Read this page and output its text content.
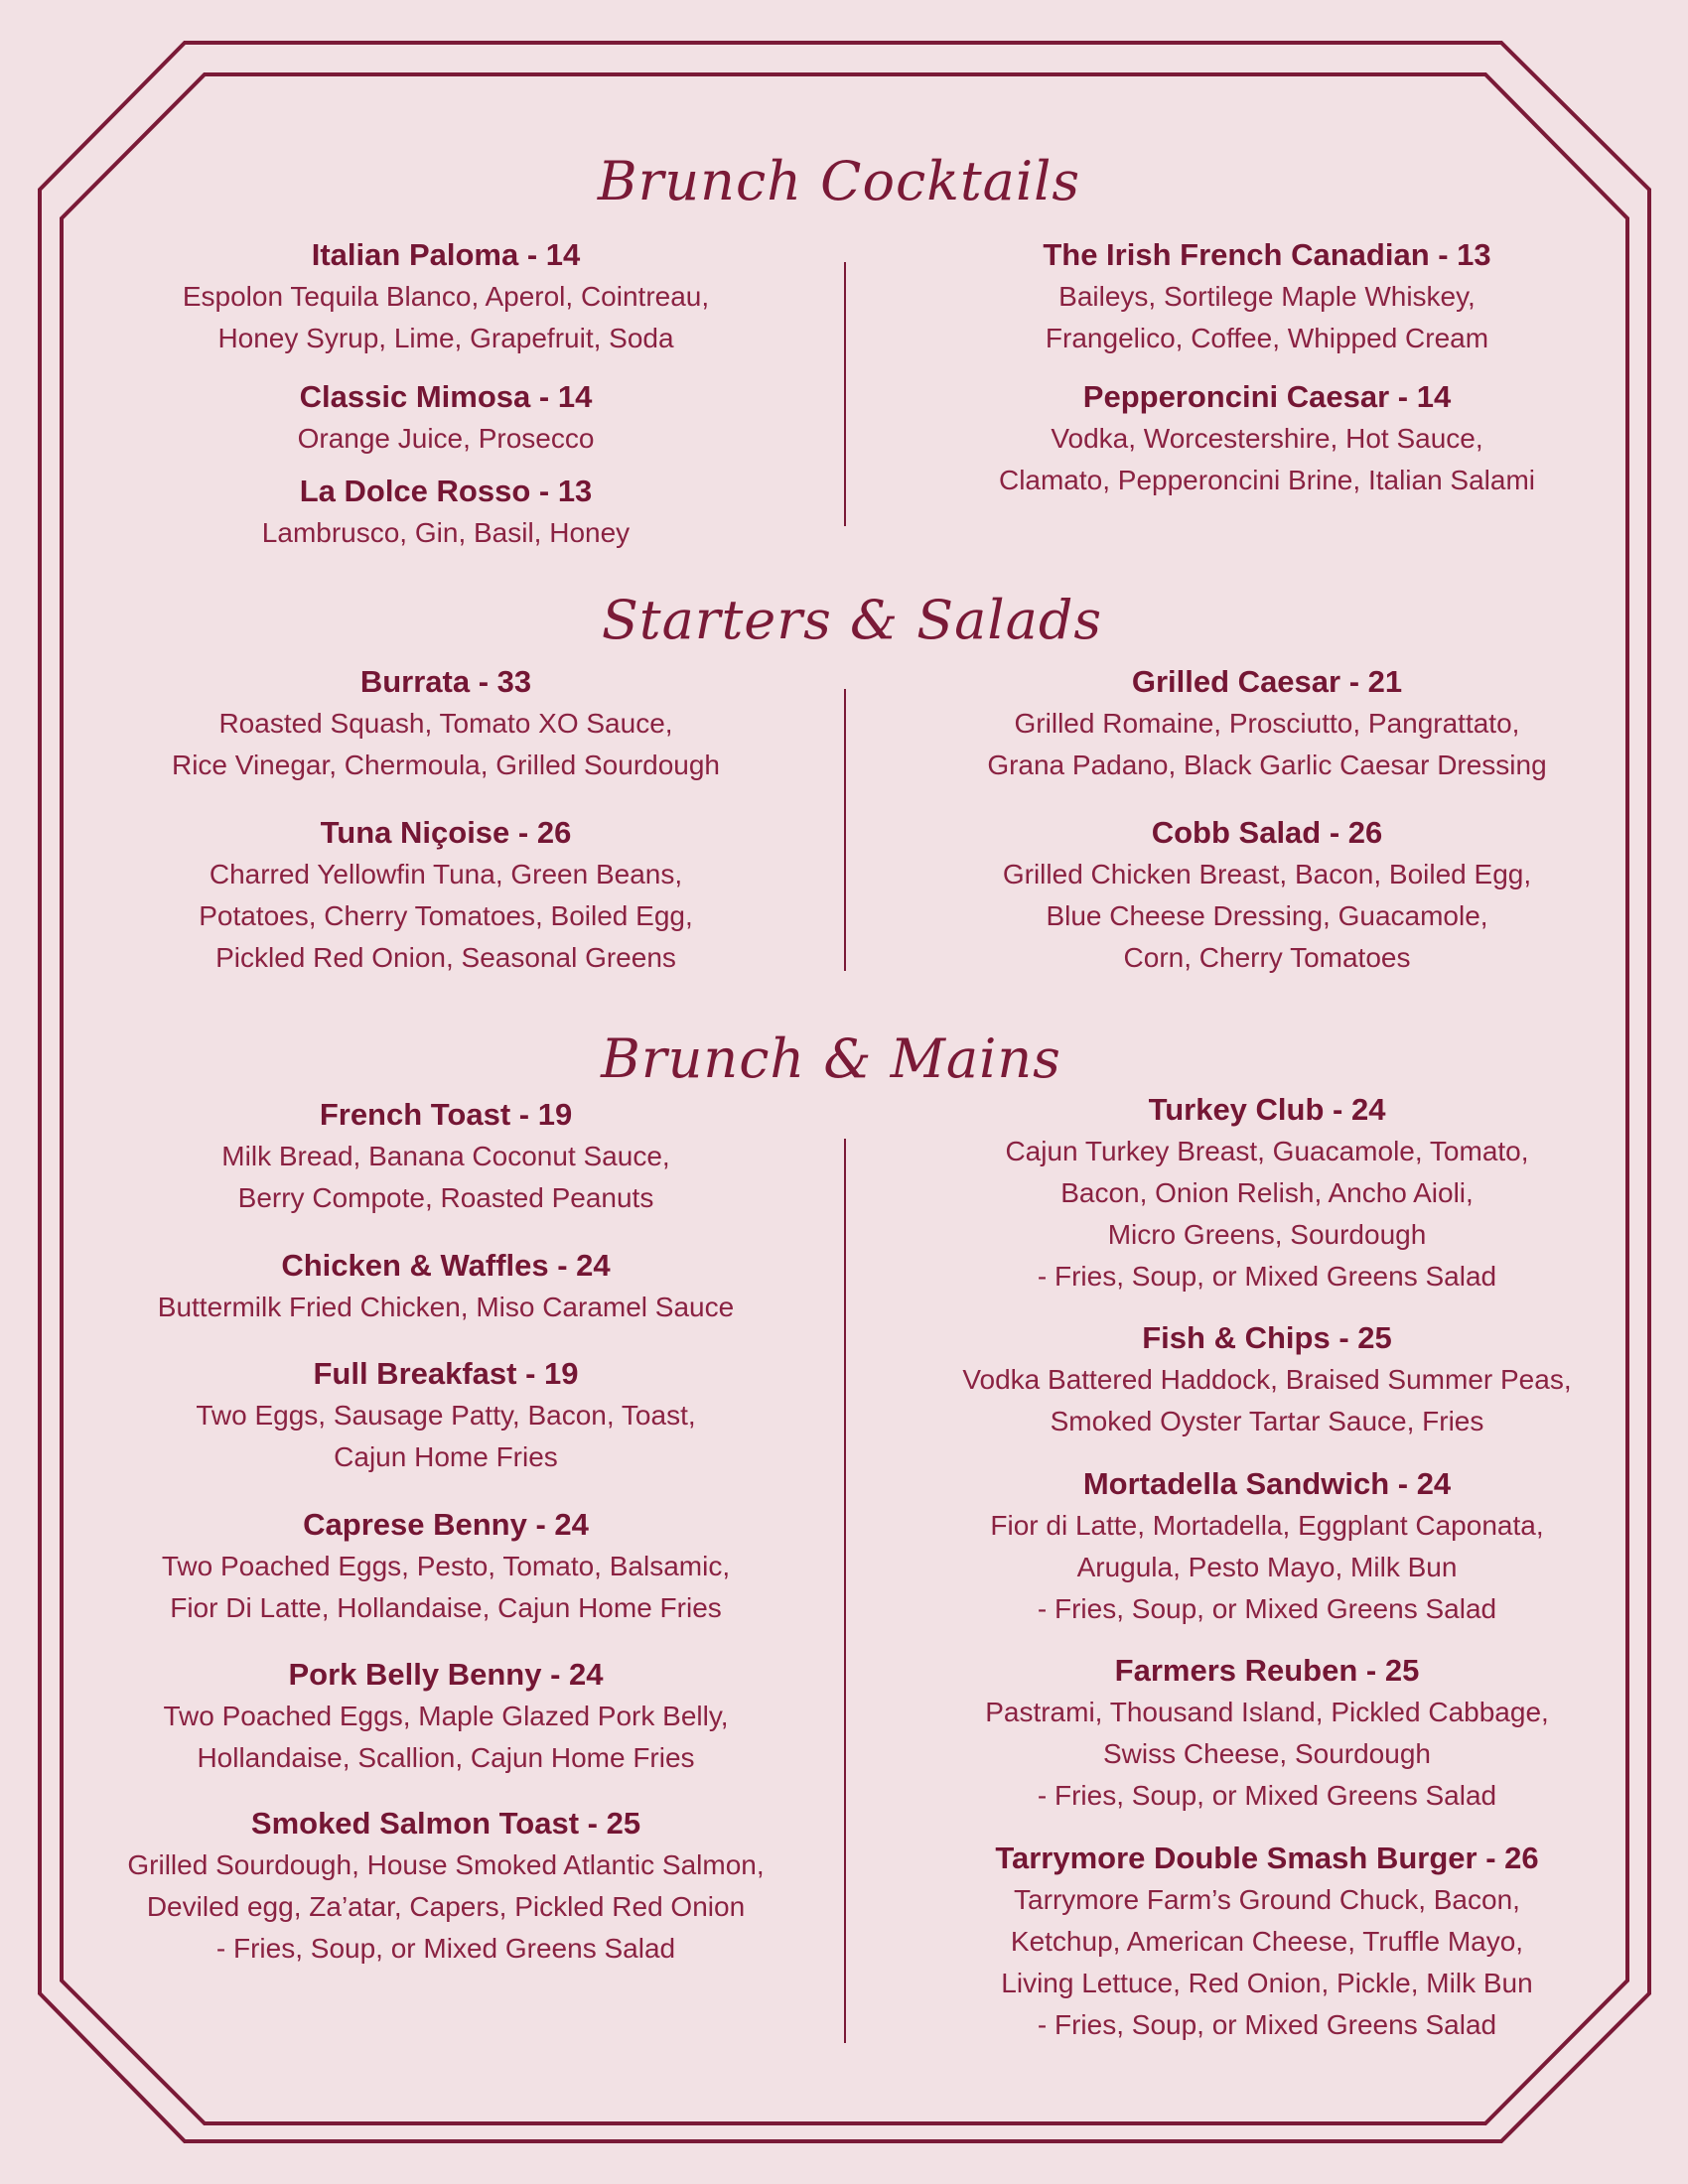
Brunch Cocktails
Starters & Salads
Brunch & Mains
Italian Paloma - 14
Espolon Tequila Blanco, Aperol, Cointreau,
Honey Syrup, Lime, Grapefruit, Soda
Classic Mimosa - 14
Orange Juice, Prosecco
La Dolce Rosso - 13
Lambrusco, Gin, Basil, Honey
The Irish French Canadian - 13
Baileys, Sortilege Maple Whiskey,
Frangelico, Coffee, Whipped Cream
Pepperoncini Caesar - 14
Vodka, Worcestershire, Hot Sauce,
Clamato, Pepperoncini Brine, Italian Salami
Burrata - 33
Roasted Squash, Tomato XO Sauce,
Rice Vinegar, Chermoula, Grilled Sourdough
Tuna Niçoise - 26
Charred Yellowfin Tuna, Green Beans,
Potatoes, Cherry Tomatoes, Boiled Egg,
Pickled Red Onion, Seasonal Greens
Grilled Caesar - 21
Grilled Romaine, Prosciutto, Pangrattato,
Grana Padano, Black Garlic Caesar Dressing
Cobb Salad - 26
Grilled Chicken Breast, Bacon, Boiled Egg,
Blue Cheese Dressing, Guacamole,
Corn, Cherry Tomatoes
French Toast - 19
Milk Bread, Banana Coconut Sauce,
Berry Compote, Roasted Peanuts
Chicken & Waffles - 24
Buttermilk Fried Chicken, Miso Caramel Sauce
Full Breakfast - 19
Two Eggs, Sausage Patty, Bacon, Toast,
Cajun Home Fries
Caprese Benny - 24
Two Poached Eggs, Pesto, Tomato, Balsamic,
Fior Di Latte, Hollandaise, Cajun Home Fries
Pork Belly Benny - 24
Two Poached Eggs, Maple Glazed Pork Belly,
Hollandaise, Scallion, Cajun Home Fries
Smoked Salmon Toast - 25
Grilled Sourdough, House Smoked Atlantic Salmon,
Deviled egg, Za’atar, Capers, Pickled Red Onion
- Fries, Soup, or Mixed Greens Salad
Turkey Club - 24
Cajun Turkey Breast, Guacamole, Tomato,
Bacon, Onion Relish, Ancho Aioli,
Micro Greens, Sourdough
- Fries, Soup, or Mixed Greens Salad
Fish & Chips - 25
Vodka Battered Haddock, Braised Summer Peas,
Smoked Oyster Tartar Sauce, Fries
Mortadella Sandwich - 24
Fior di Latte, Mortadella, Eggplant Caponata,
Arugula, Pesto Mayo, Milk Bun
- Fries, Soup, or Mixed Greens Salad
Farmers Reuben - 25
Pastrami, Thousand Island, Pickled Cabbage,
Swiss Cheese, Sourdough
- Fries, Soup, or Mixed Greens Salad
Tarrymore Double Smash Burger - 26
Tarrymore Farm’s Ground Chuck, Bacon,
Ketchup, American Cheese, Truffle Mayo,
Living Lettuce, Red Onion, Pickle, Milk Bun
- Fries, Soup, or Mixed Greens Salad
